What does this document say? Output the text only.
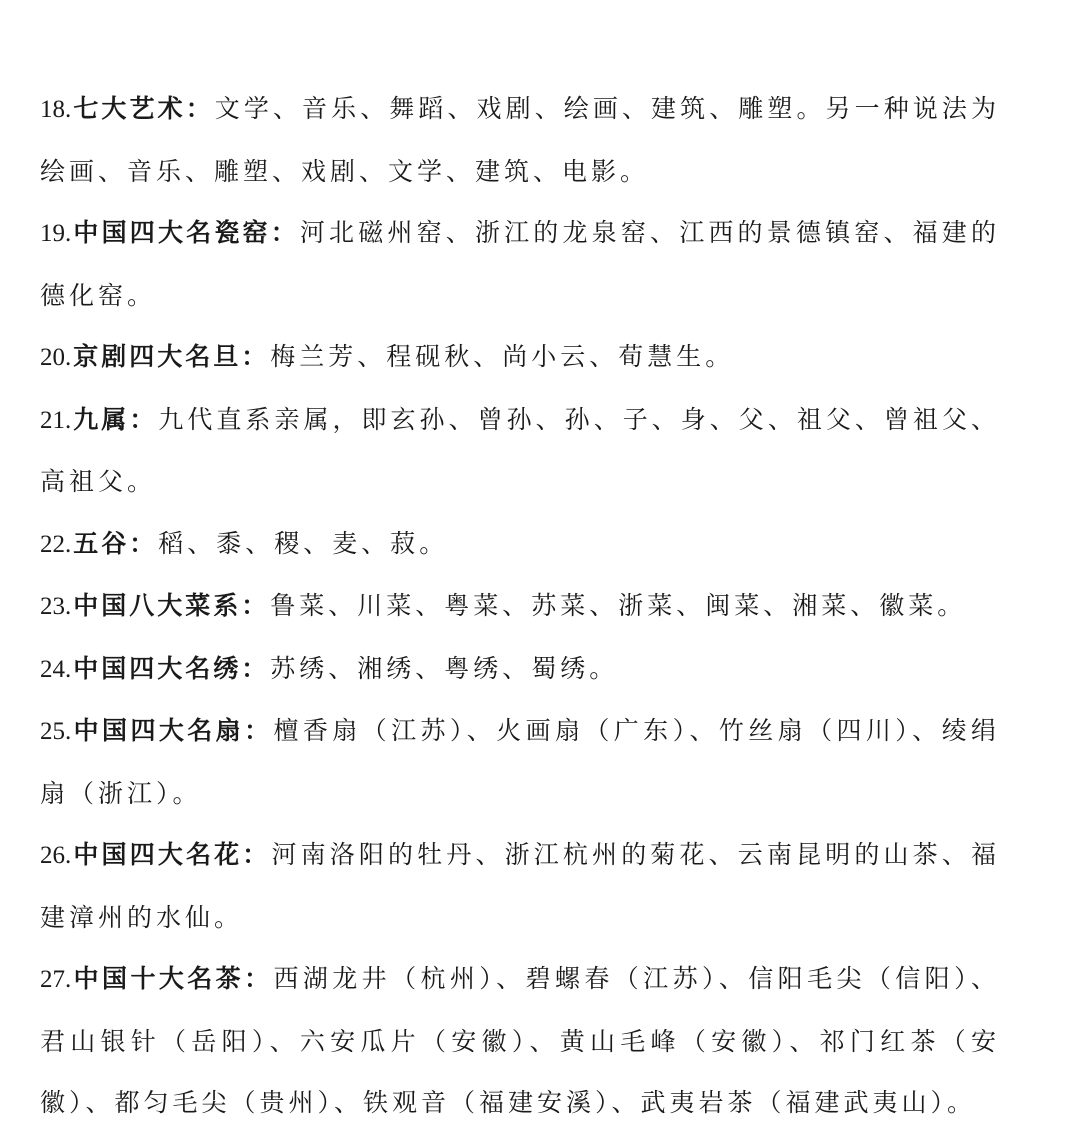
18.七大艺术：文学、音乐、舞蹈、戏剧、绘画、建筑、雕塑。另一种说法为绘画、音乐、雕塑、戏剧、文学、建筑、电影。

19.中国四大名瓷窑：河北磁州窑、浙江的龙泉窑、江西的景德镇窑、福建的德化窑。

20.京剧四大名旦：梅兰芳、程砚秋、尚小云、荀慧生。

21.九属：九代直系亲属，即玄孙、曾孙、孙、子、身、父、祖父、曾祖父、高祖父。

22.五谷：稻、黍、稷、麦、菽。

23.中国八大菜系：鲁菜、川菜、粤菜、苏菜、浙菜、闽菜、湘菜、徽菜。

24.中国四大名绣：苏绣、湘绣、粤绣、蜀绣。

25.中国四大名扇：檀香扇（江苏）、火画扇（广东）、竹丝扇（四川）、绫绢扇（浙江）。

26.中国四大名花：河南洛阳的牡丹、浙江杭州的菊花、云南昆明的山茶、福建漳州的水仙。

27.中国十大名茶：西湖龙井（杭州）、碧螺春（江苏）、信阳毛尖（信阳）、君山银针（岳阳）、六安瓜片（安徽）、黄山毛峰（安徽）、祁门红茶（安徽）、都匀毛尖（贵州）、铁观音（福建安溪）、武夷岩茶（福建武夷山）。
